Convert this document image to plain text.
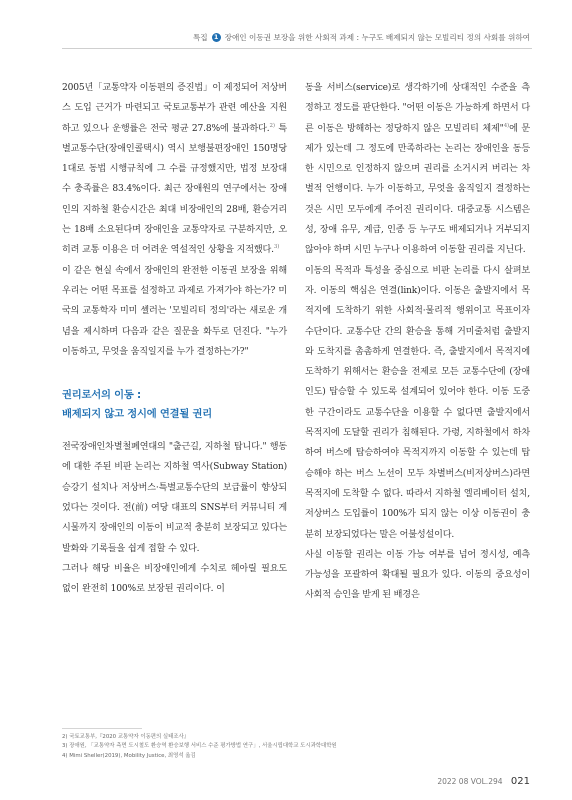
특집 1 장애인 이동권 보장을 위한 사회적 과제 : 누구도 배제되지 않는 모빌리티 정의 사회를 위하여

2005년「교통약자 이동편의 증진법」이 제정되어 저상버스 도입 근거가 마련되고 국토교통부가 관련 예산을 지원하고 있으나 운행률은 전국 평균 27.8%에 불과하다.$^{2)}$ 특별교통수단(장애인콜택시) 역시 보행불편장애인 150명당 1대로 동법 시행규칙에 그 수를 규정했지만, 법정 보장대수 충족률은 83.4%이다. 최근 장애원의 연구에서는 장애인의 지하철 환승시간은 최대 비장애인의 28배, 환승거리는 18배 소요된다며 장애인을 교통약자로 구분하지만, 오히려 교통 이용은 더 어려운 역설적인 상황을 지적했다.$^{3)}$

이 같은 현실 속에서 장애인의 완전한 이동권 보장을 위해 우리는 어떤 목표를 설정하고 과제로 가져가야 하는가? 미국의 교통학자 미미 셸러는 '모빌리티 정의'라는 새로운 개념을 제시하며 다음과 같은 질문을 화두로 던진다. "누가 이동하고, 무엇을 움직일지를 누가 결정하는가?"

권리로서의 이동 :
배제되지 않고 정시에 연결될 권리

전국장애인차별철폐연대의 "출근길, 지하철 탑니다." 행동에 대한 주된 비판 논리는 지하철 역사(Subway Station) 승강기 설치나 저상버스·특별교통수단의 보급률이 향상되었다는 것이다. 전(前) 여당 대표의 SNS부터 커뮤니티 게시물까지 장애인의 이동이 비교적 충분히 보장되고 있다는 발화와 기록들을 쉽게 접할 수 있다.

그러나 해당 비율은 비장애인에게 수치로 헤아릴 필요도 없이 완전히 100%로 보장된 권리이다. 이

동을 서비스(service)로 생각하기에 상대적인 수준을 측정하고 정도를 판단한다. "어떤 이동은 가능하게 하면서 다른 이동은 방해하는 정당하지 않은 모빌리티 체제"$^{4)}$에 문제가 있는데 그 정도에 만족하라는 논리는 장애인을 동등한 시민으로 인정하지 않으며 권리를 소거시켜 버리는 차별적 언행이다. 누가 이동하고, 무엇을 움직일지 결정하는 것은 시민 모두에게 주어진 권리이다. 대중교통 시스템은 성, 장애 유무, 계급, 인종 등 누구도 배제되거나 거부되지 않아야 하며 시민 누구나 이용하여 이동할 권리를 지닌다.

이동의 목적과 특성을 중심으로 비판 논리를 다시 살펴보자. 이동의 핵심은 연결(link)이다. 이동은 출발지에서 목적지에 도착하기 위한 사회적·물리적 행위이고 목표이자 수단이다. 교통수단 간의 환승을 통해 거미줄처럼 출발지와 도착지를 촘촘하게 연결한다. 즉, 출발지에서 목적지에 도착하기 위해서는 환승을 전제로 모든 교통수단에 (장애인도) 탑승할 수 있도록 설계되어 있어야 한다. 이동 도중 한 구간이라도 교통수단을 이용할 수 없다면 출발지에서 목적지에 도달할 권리가 침해된다. 가령, 지하철에서 하차하여 버스에 탑승하여야 목적지까지 이동할 수 있는데 탑승해야 하는 버스 노선이 모두 차별버스(비저상버스)라면 목적지에 도착할 수 없다. 따라서 지하철 엘리베이터 설치, 저상버스 도입률이 100%가 되지 않는 이상 이동권이 충분히 보장되었다는 말은 어불성설이다.

사실 이동할 권리는 이동 가능 여부를 넘어 정시성, 예측 가능성을 포괄하여 확대될 필요가 있다. 이동의 중요성이 사회적 승인을 받게 된 배경은

2) 국토교통부,『2020 교통약자 이동편의 실태조사』
3) 장애원, 「교통약자 측면 도시철도 환승역 환승보행 서비스 수준 평가방법 연구」, 서울시립대학교 도시과학대학원
4) Mimi Sheller(2019), Mobility Justice, 최영석 옮김
2022 08 VOL.294 021
